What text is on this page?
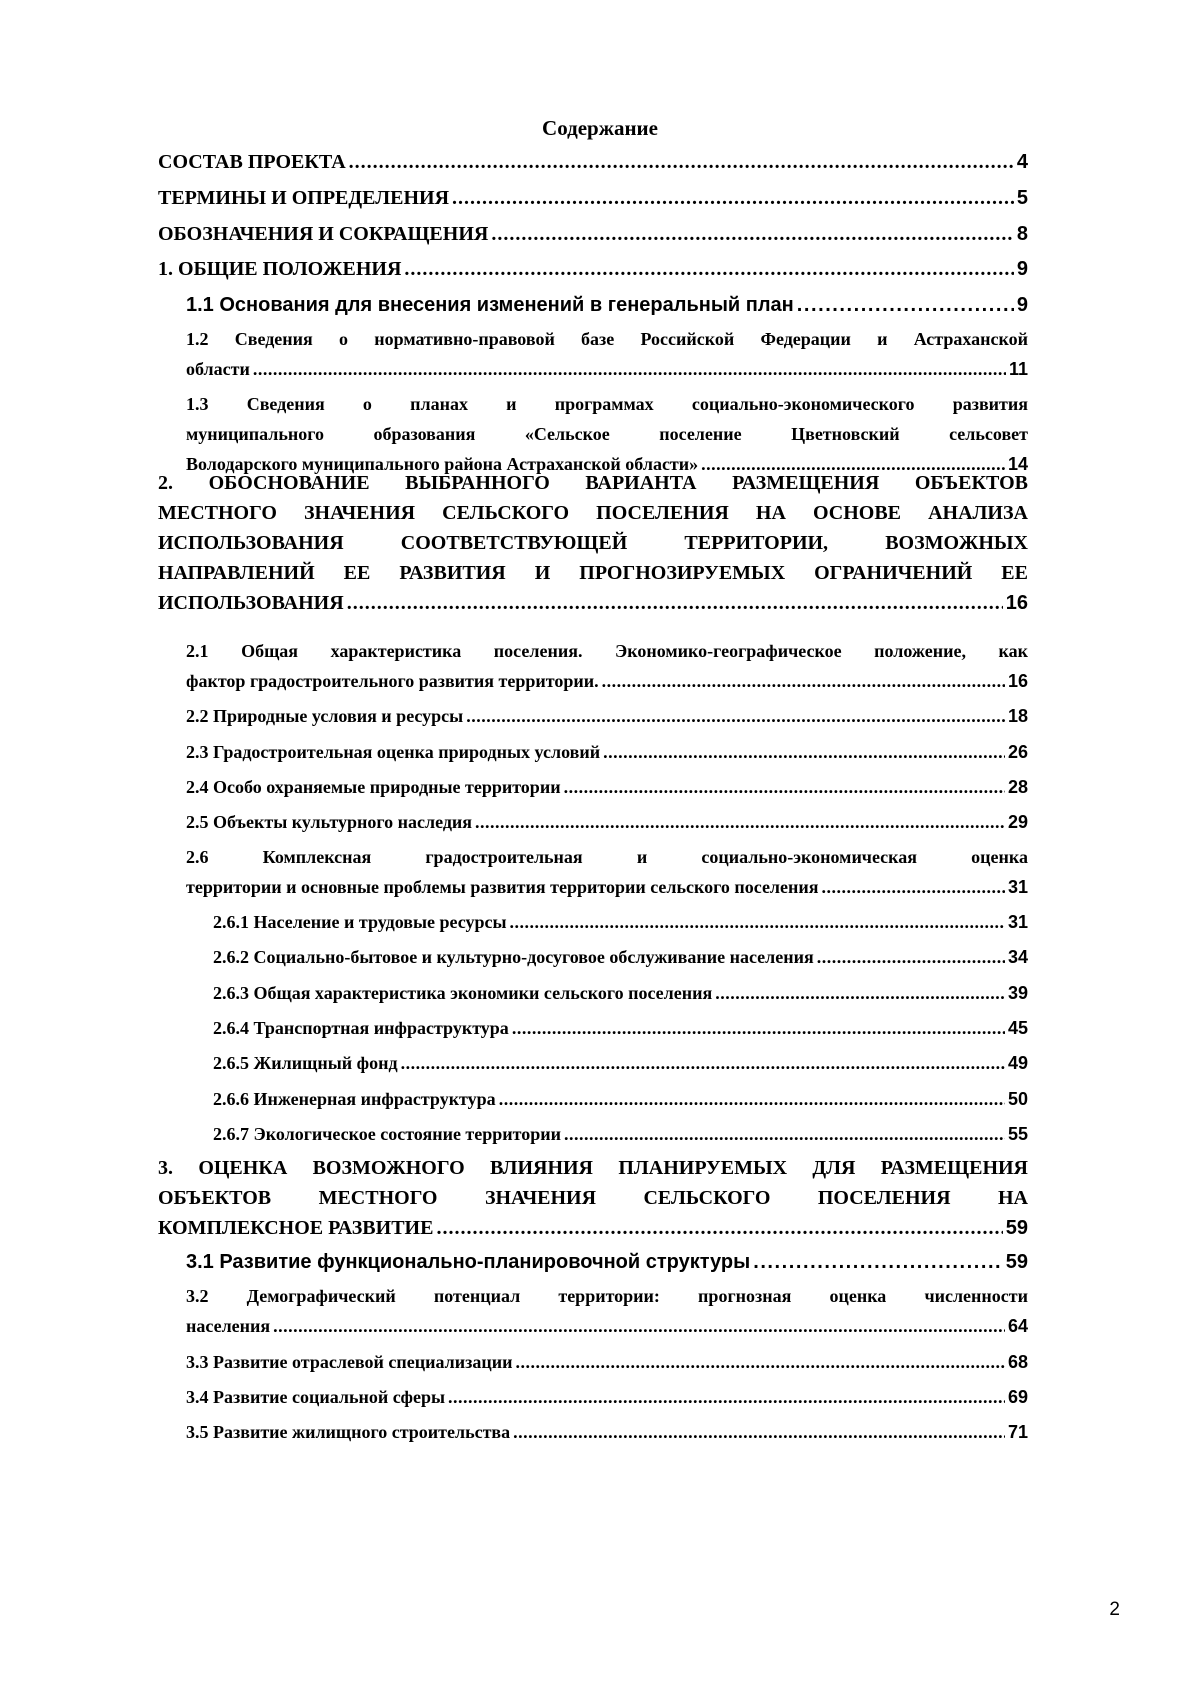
Содержание
СОСТАВ ПРОЕКТА . . .	4
ТЕРМИНЫ И ОПРЕДЕЛЕНИЯ . . .	5
ОБОЗНАЧЕНИЯ И СОКРАЩЕНИЯ . . .	8
1. ОБЩИЕ ПОЛОЖЕНИЯ . . .	9
1.1 Основания для внесения изменений в генеральный план . . .	9
1.2 Сведения о нормативно-правовой базе Российской Федерации и Астраханской
области . . .	11
1.3 Сведения о планах и программах социально-экономического развития
муниципального образования «Сельское поселение Цветновский сельсовет
Володарского муниципального района Астраханской области» . . .	14
2. ОБОСНОВАНИЕ ВЫБРАННОГО ВАРИАНТА РАЗМЕЩЕНИЯ ОБЪЕКТОВ
МЕСТНОГО ЗНАЧЕНИЯ СЕЛЬСКОГО ПОСЕЛЕНИЯ НА ОСНОВЕ АНАЛИЗА
ИСПОЛЬЗОВАНИЯ СООТВЕТСТВУЮЩЕЙ ТЕРРИТОРИИ, ВОЗМОЖНЫХ
НАПРАВЛЕНИЙ ЕЕ РАЗВИТИЯ И ПРОГНОЗИРУЕМЫХ ОГРАНИЧЕНИЙ ЕЕ
ИСПОЛЬЗОВАНИЯ . . .	16
2.1 Общая характеристика поселения. Экономико-географическое положение, как
фактор градостроительного развития территории. . . .	16
2.2 Природные условия и ресурсы . . .	18
2.3 Градостроительная оценка природных условий . . .	26
2.4 Особо охраняемые природные территории . . .	28
2.5 Объекты культурного наследия . . .	29
2.6 Комплексная градостроительная и социально-экономическая оценка
территории и основные проблемы развития территории сельского поселения . . .	31
2.6.1 Население и трудовые ресурсы . . .	31
2.6.2 Социально-бытовое и культурно-досуговое обслуживание населения . . .	34
2.6.3 Общая характеристика экономики сельского поселения . . .	39
2.6.4 Транспортная инфраструктура . . .	45
2.6.5 Жилищный фонд . . .	49
2.6.6 Инженерная инфраструктура . . .	50
2.6.7 Экологическое состояние территории . . .	55
3. ОЦЕНКА ВОЗМОЖНОГО ВЛИЯНИЯ ПЛАНИРУЕМЫХ ДЛЯ РАЗМЕЩЕНИЯ
ОБЪЕКТОВ МЕСТНОГО ЗНАЧЕНИЯ СЕЛЬСКОГО ПОСЕЛЕНИЯ НА
КОМПЛЕКСНОЕ РАЗВИТИЕ . . .	59
3.1 Развитие функционально-планировочной структуры . . .	59
3.2 Демографический потенциал территории: прогнозная оценка численности
населения . . .	64
3.3 Развитие отраслевой специализации . . .	68
3.4 Развитие социальной сферы . . .	69
3.5 Развитие жилищного строительства . . .	71
2
